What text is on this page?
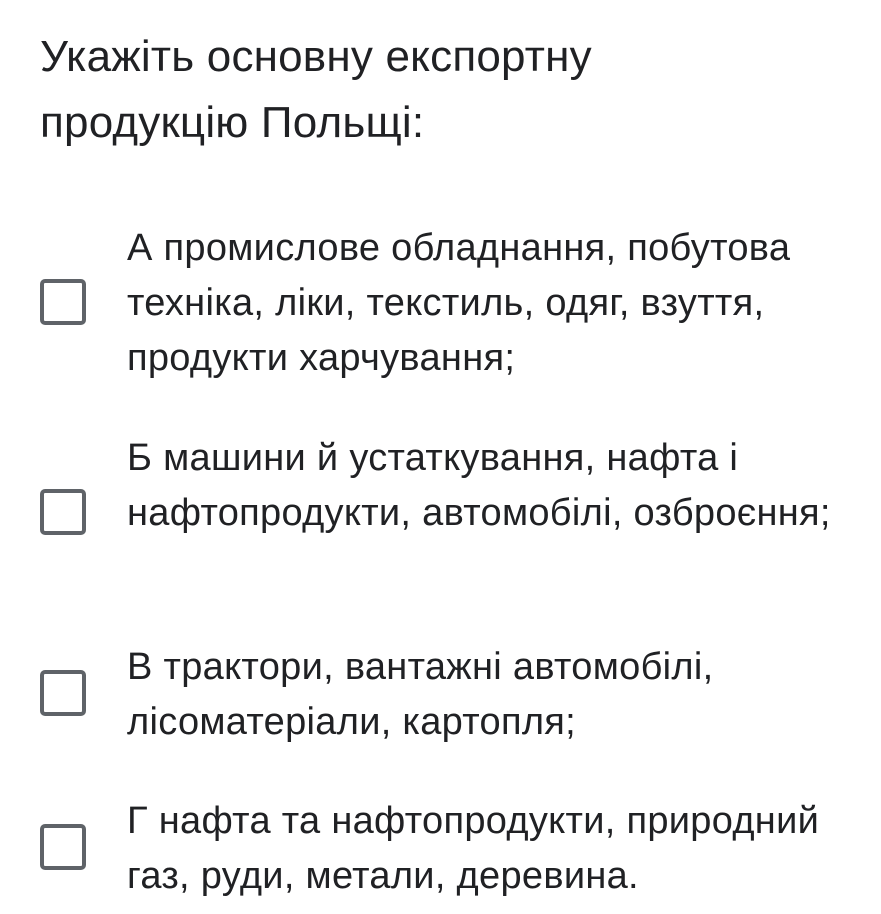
Укажіть основну експортну продукцію Польщі:
А промислове обладнання, побутова техніка, ліки, текстиль, одяг, взуття, продукти харчування;
Б машини й устаткування, нафта і нафтопродукти, автомобілі, озброєння;
В трактори, вантажні автомобілі, лісоматеріали, картопля;
Г нафта та нафтопродукти, природний газ, руди, метали, деревина.
